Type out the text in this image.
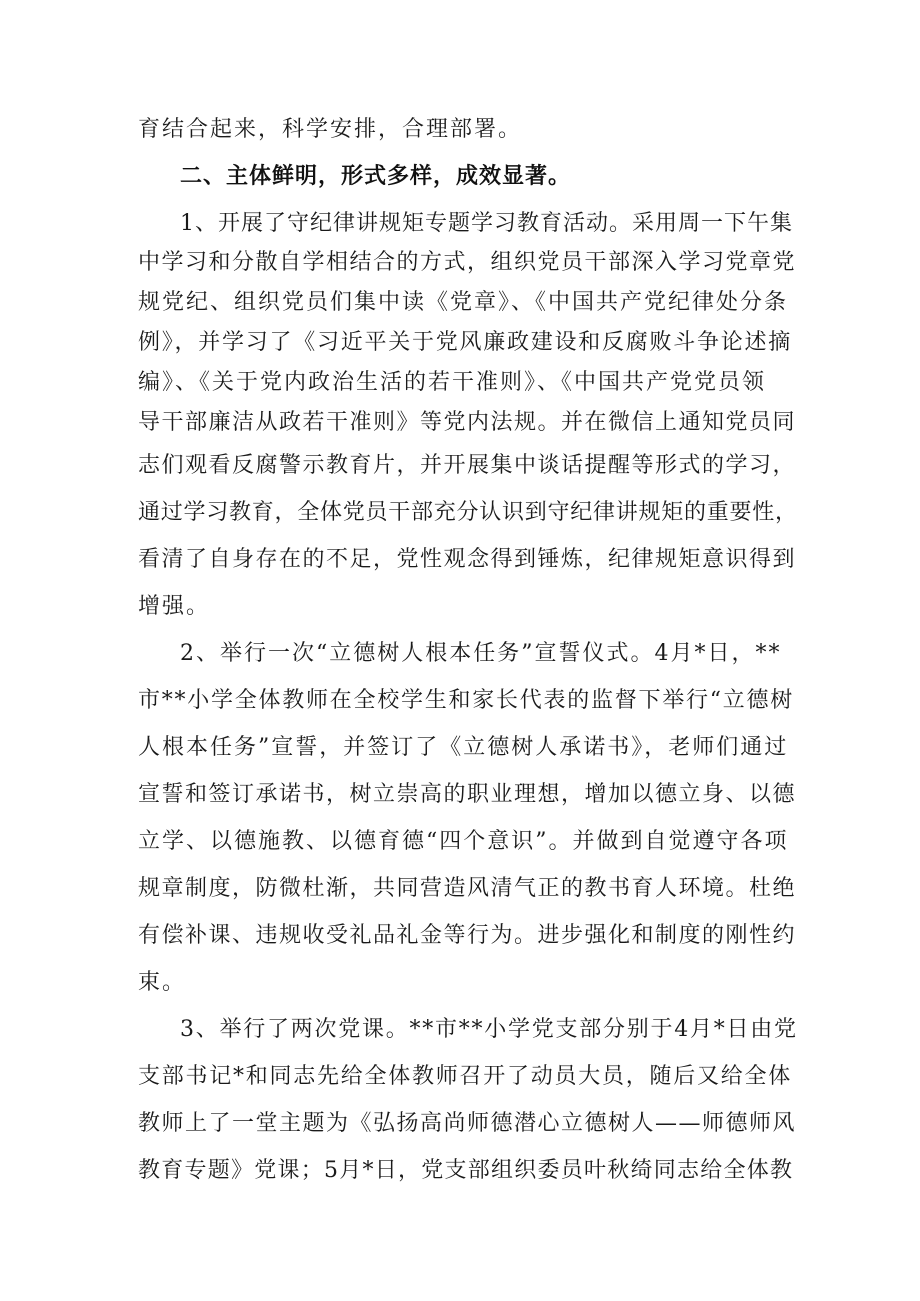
育结合起来，科学安排，合理部署。
二、主体鲜明，形式多样，成效显著。
1、开展了守纪律讲规矩专题学习教育活动。采用周一下午集
中学习和分散自学相结合的方式，组织党员干部深入学习党章党
规党纪、组织党员们集中读《党章》、《中国共产党纪律处分条
例》，并学习了《习近平关于党风廉政建设和反腐败斗争论述摘
编》、《关于党内政治生活的若干准则》、《中国共产党党员领
导干部廉洁从政若干准则》等党内法规。并在微信上通知党员同
志们观看反腐警示教育片，并开展集中谈话提醒等形式的学习，
通过学习教育，全体党员干部充分认识到守纪律讲规矩的重要性，
看清了自身存在的不足，党性观念得到锤炼，纪律规矩意识得到
增强。
2、举行一次“立德树人根本任务”宣誓仪式。4月*日，**
市**小学全体教师在全校学生和家长代表的监督下举行“立德树
人根本任务”宣誓，并签订了《立德树人承诺书》，老师们通过
宣誓和签订承诺书，树立崇高的职业理想，增加以德立身、以德
立学、以德施教、以德育德“四个意识”。并做到自觉遵守各项
规章制度，防微杜渐，共同营造风清气正的教书育人环境。杜绝
有偿补课、违规收受礼品礼金等行为。进步强化和制度的刚性约
束。
3、举行了两次党课。**市**小学党支部分别于4月*日由党
支部书记*和同志先给全体教师召开了动员大员，随后又给全体
教师上了一堂主题为《弘扬高尚师德潜心立德树人——师德师风
教育专题》党课；5月*日，党支部组织委员叶秋绮同志给全体教
